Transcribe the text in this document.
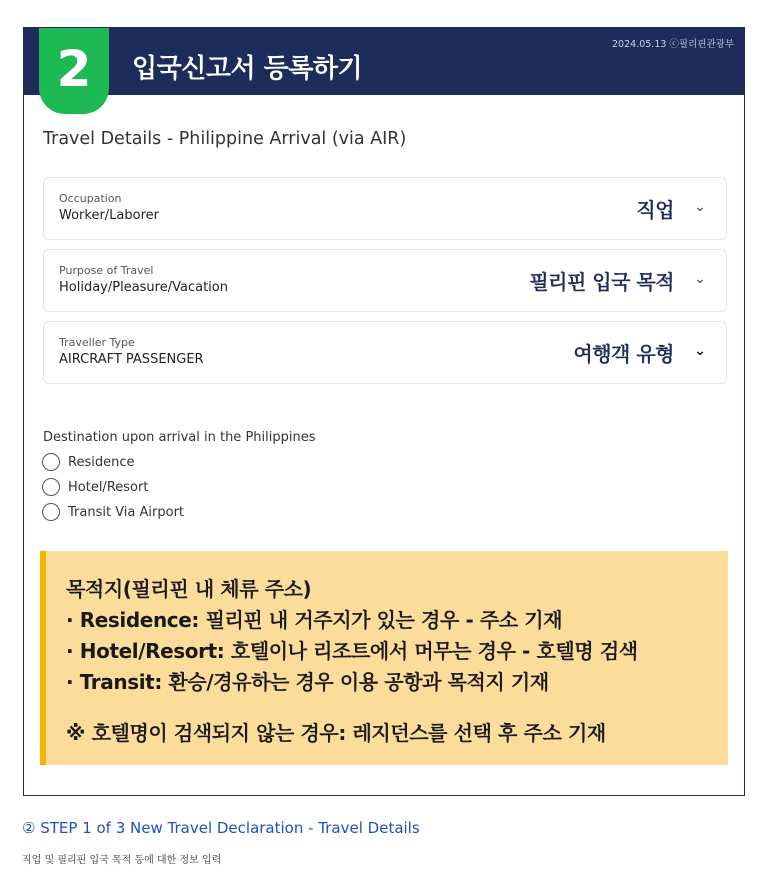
입국신고서 등록하기
2024.05.13 ⓒ필리핀관광부
2
Travel Details - Philippine Arrival (via AIR)
Occupation
Worker/Laborer	직업 ⌄
Purpose of Travel
Holiday/Pleasure/Vacation	필리핀 입국 목적 ⌄
Traveller Type
AIRCRAFT PASSENGER	여행객 유형 ⌄
Destination upon arrival in the Philippines
Residence
Hotel/Resort
Transit Via Airport
목적지(필리핀 내 체류 주소)
· Residence: 필리핀 내 거주지가 있는 경우 - 주소 기재
· Hotel/Resort: 호텔이나 리조트에서 머무는 경우 - 호텔명 검색
· Transit: 환승/경유하는 경우 이용 공항과 목적지 기재
※ 호텔명이 검색되지 않는 경우: 레지던스를 선택 후 주소 기재
② STEP 1 of 3 New Travel Declaration - Travel Details
직업 및 필리핀 입국 목적 등에 대한 정보 입력
